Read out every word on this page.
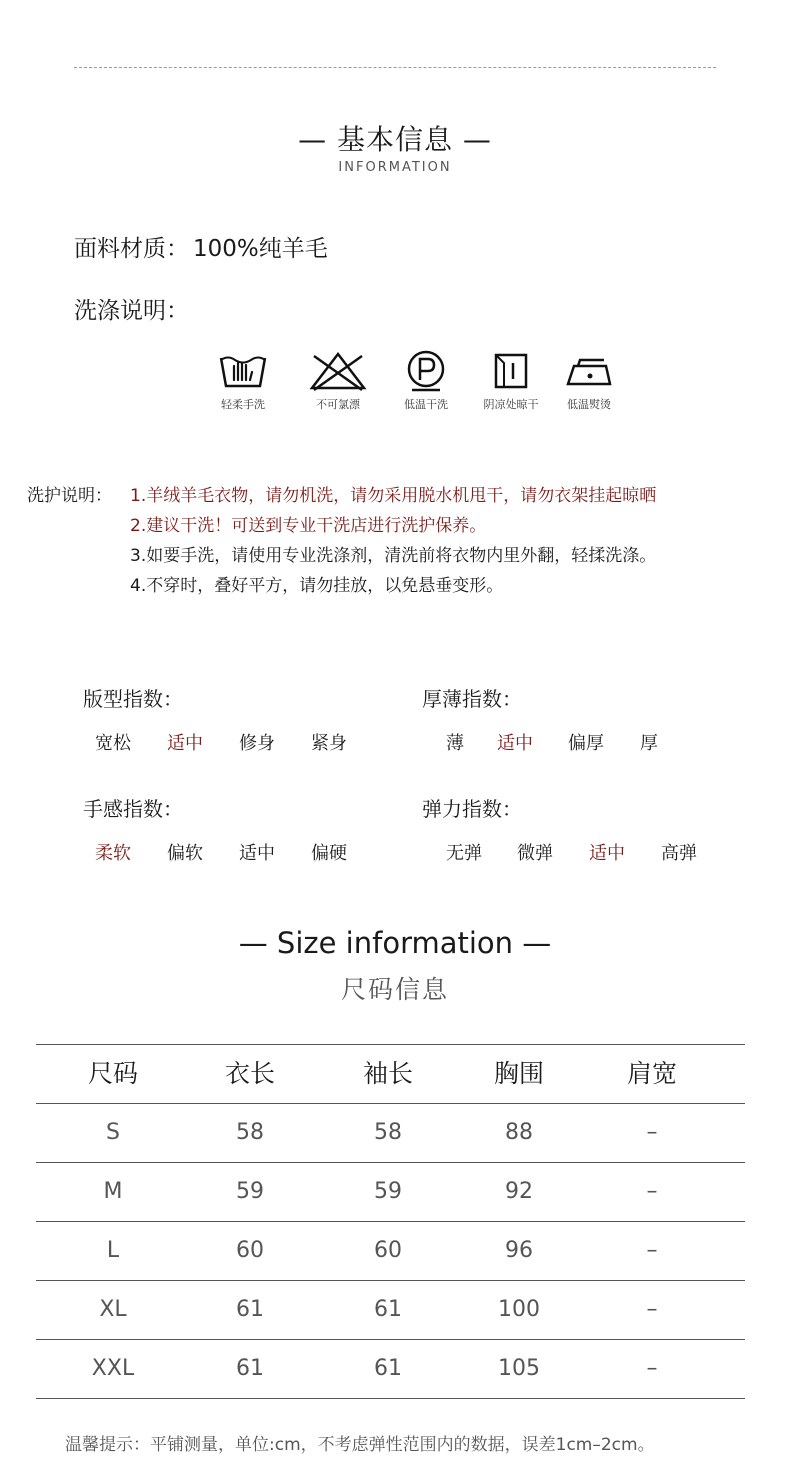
— 基本信息 —
INFORMATION
面料材质： 100%纯羊毛
洗涤说明：
轻柔手洗	不可氯漂	低温干洗	阴凉处晾干	低温熨烫
洗护说明： 1.羊绒羊毛衣物，请勿机洗，请勿采用脱水机甩干，请勿衣架挂起晾晒
2.建议干洗！可送到专业干洗店进行洗护保养。
3.如要手洗，请使用专业洗涤剂，清洗前将衣物内里外翻，轻揉洗涤。
4.不穿时，叠好平方，请勿挂放，以免悬垂变形。
版型指数：
宽松 适中 修身 紧身
厚薄指数：
薄 适中 偏厚 厚
手感指数：
柔软 偏软 适中 偏硬
弹力指数：
无弹 微弹 适中 高弹
— Size information —
尺码信息
尺码	衣长	袖长	胸围	肩宽
S	58	58	88	–
M	59	59	92	–
L	60	60	96	–
XL	61	61	100	–
XXL	61	61	105	–
温馨提示：平铺测量，单位:cm，不考虑弹性范围内的数据，误差1cm–2cm。
